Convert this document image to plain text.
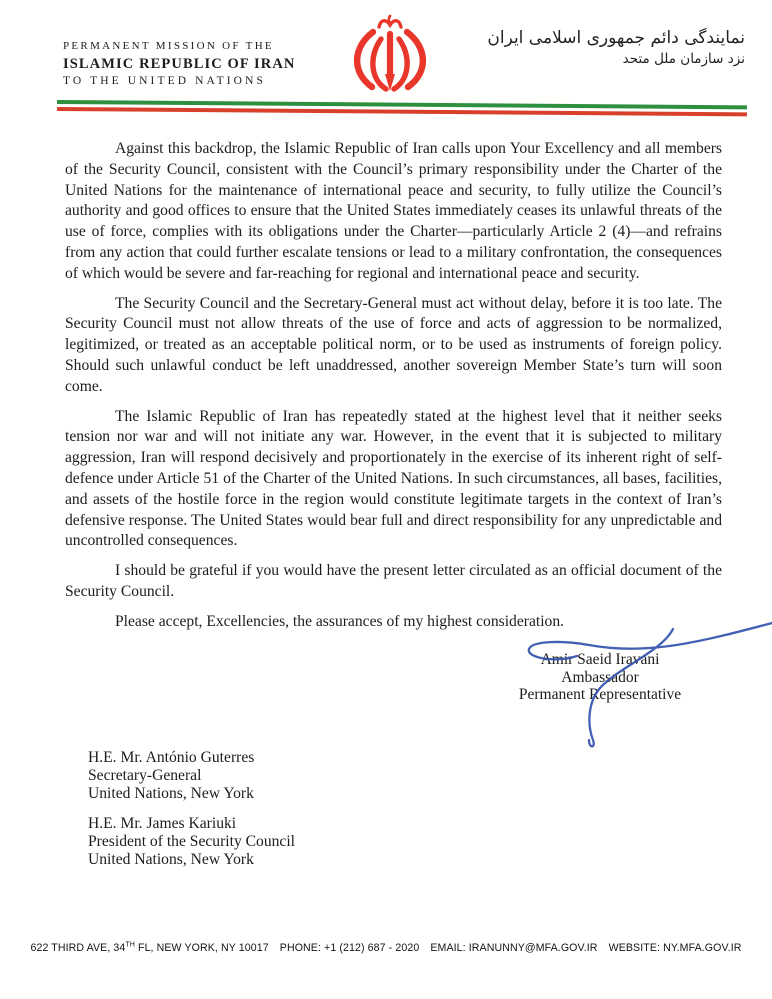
PERMANENT MISSION OF THE
ISLAMIC REPUBLIC OF IRAN
TO THE UNITED NATIONS
نمایندگی دائم جمهوری اسلامی ایران
نزد سازمان ملل متحد

Against this backdrop, the Islamic Republic of Iran calls upon Your Excellency and all members of the Security Council, consistent with the Council’s primary responsibility under the Charter of the United Nations for the maintenance of international peace and security, to fully utilize the Council’s authority and good offices to ensure that the United States immediately ceases its unlawful threats of the use of force, complies with its obligations under the Charter—particularly Article 2 (4)—and refrains from any action that could further escalate tensions or lead to a military confrontation, the consequences of which would be severe and far-reaching for regional and international peace and security.

The Security Council and the Secretary-General must act without delay, before it is too late. The Security Council must not allow threats of the use of force and acts of aggression to be normalized, legitimized, or treated as an acceptable political norm, or to be used as instruments of foreign policy. Should such unlawful conduct be left unaddressed, another sovereign Member State’s turn will soon come.

The Islamic Republic of Iran has repeatedly stated at the highest level that it neither seeks tension nor war and will not initiate any war. However, in the event that it is subjected to military aggression, Iran will respond decisively and proportionately in the exercise of its inherent right of self-defence under Article 51 of the Charter of the United Nations. In such circumstances, all bases, facilities, and assets of the hostile force in the region would constitute legitimate targets in the context of Iran’s defensive response. The United States would bear full and direct responsibility for any unpredictable and uncontrolled consequences.

I should be grateful if you would have the present letter circulated as an official document of the Security Council.

Please accept, Excellencies, the assurances of my highest consideration.

Amir Saeid Iravani
Ambassador
Permanent Representative
H.E. Mr. António Guterres
Secretary-General
United Nations, New York
H.E. Mr. James Kariuki
President of the Security Council
United Nations, New York
622 THIRD AVE, 34TH FL, NEW YORK, NY 10017 PHONE: +1 (212) 687 - 2020 EMAIL: IRANUNNY@MFA.GOV.IR WEBSITE: NY.MFA.GOV.IR
